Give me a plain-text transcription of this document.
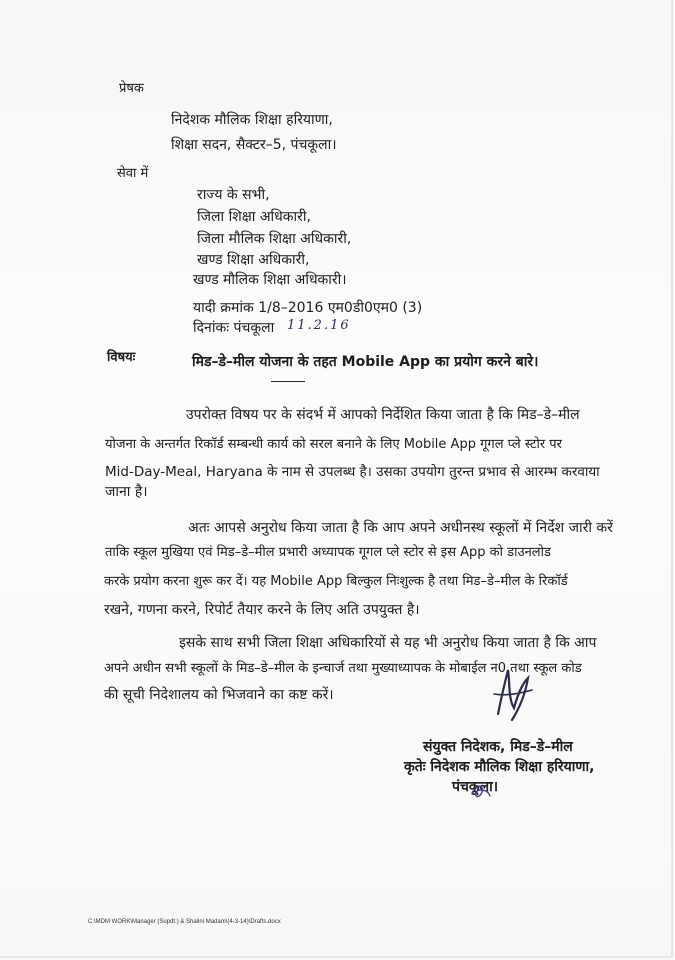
प्रेषक
निदेशक मौलिक शिक्षा हरियाणा,
शिक्षा सदन, सैक्टर–5, पंचकूला।
सेवा में
राज्य के सभी,
जिला शिक्षा अधिकारी,
जिला मौलिक शिक्षा अधिकारी,
खण्ड शिक्षा अधिकारी,
खण्ड मौलिक शिक्षा अधिकारी।
यादी क्रमांक 1/8–2016 एम0डी0एम0 (3)
दिनांकः पंचकूला 11.2.16
विषयः	मिड–डे–मील योजना के तहत Mobile App का प्रयोग करने बारे।
उपरोक्त विषय पर के संदर्भ में आपको निर्देशित किया जाता है कि मिड–डे–मील
योजना के अन्तर्गत रिकॉर्ड सम्बन्धी कार्य को सरल बनाने के लिए Mobile App गूगल प्ले स्टोर पर
Mid-Day-Meal, Haryana के नाम से उपलब्ध है। उसका उपयोग तुरन्त प्रभाव से आरम्भ करवाया
जाना है।
अतः आपसे अनुरोध किया जाता है कि आप अपने अधीनस्थ स्कूलों में निर्देश जारी करें
ताकि स्कूल मुखिया एवं मिड–डे–मील प्रभारी अध्यापक गूगल प्ले स्टोर से इस App को डाउनलोड
करके प्रयोग करना शुरू कर दें। यह Mobile App बिल्कुल निःशुल्क है तथा मिड–डे–मील के रिकॉर्ड
रखने, गणना करने, रिपोर्ट तैयार करने के लिए अति उपयुक्त है।
इसके साथ सभी जिला शिक्षा अधिकारियों से यह भी अनुरोध किया जाता है कि आप
अपने अधीन सभी स्कूलों के मिड–डे–मील के इन्चार्ज तथा मुख्याध्यापक के मोबाईल न0 तथा स्कूल कोड
की सूची निदेशालय को भिजवाने का कष्ट करें।
संयुक्त निदेशक, मिड–डे–मील
कृतेः निदेशक मौलिक शिक्षा हरियाणा,
पंचकूला।
C:\MDM WORK\Manager (Supdt.) & Shalini Madam\(4-3-14)\Drafts.docx
